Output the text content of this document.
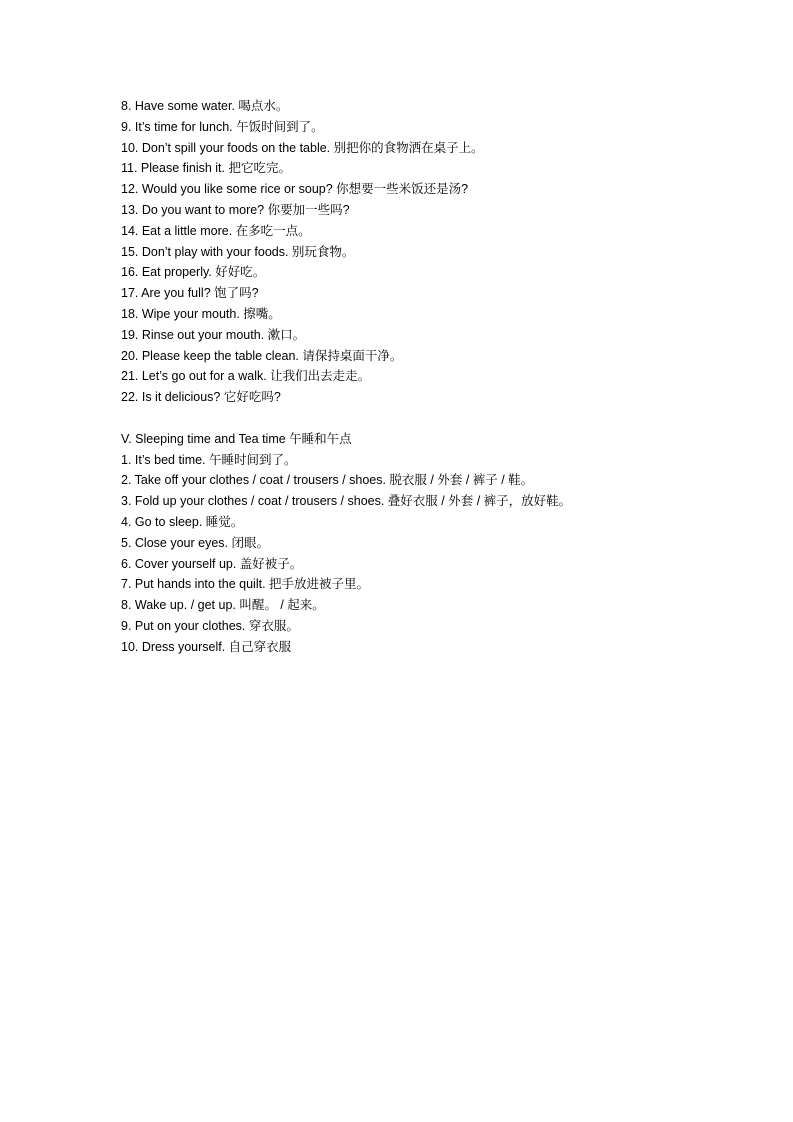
8. Have some water. 喝点水。
9. It’s time for lunch. 午饭时间到了。
10. Don’t spill your foods on the table. 别把你的食物洒在桌子上。
11. Please finish it. 把它吃完。
12. Would you like some rice or soup? 你想要一些米饭还是汤?
13. Do you want to more? 你要加一些吗?
14. Eat a little more. 在多吃一点。
15. Don’t play with your foods. 别玩食物。
16. Eat properly. 好好吃。
17. Are you full? 饱了吗?
18. Wipe your mouth. 擦嘴。
19. Rinse out your mouth. 漱口。
20. Please keep the table clean. 请保持桌面干净。
21. Let’s go out for a walk. 让我们出去走走。
22. Is it delicious? 它好吃吗?
V. Sleeping time and Tea time 午睡和午点
1. It’s bed time. 午睡时间到了。
2. Take off your clothes / coat / trousers / shoes. 脱衣服 / 外套 / 裤子 / 鞋。
3. Fold up your clothes / coat / trousers / shoes. 叠好衣服 / 外套 / 裤子，放好鞋。
4. Go to sleep. 睡觉。
5. Close your eyes. 闭眼。
6. Cover yourself up. 盖好被子。
7. Put hands into the quilt. 把手放进被子里。
8. Wake up. / get up. 叫醒。 / 起来。
9. Put on your clothes. 穿衣服。
10. Dress yourself. 自己穿衣服
